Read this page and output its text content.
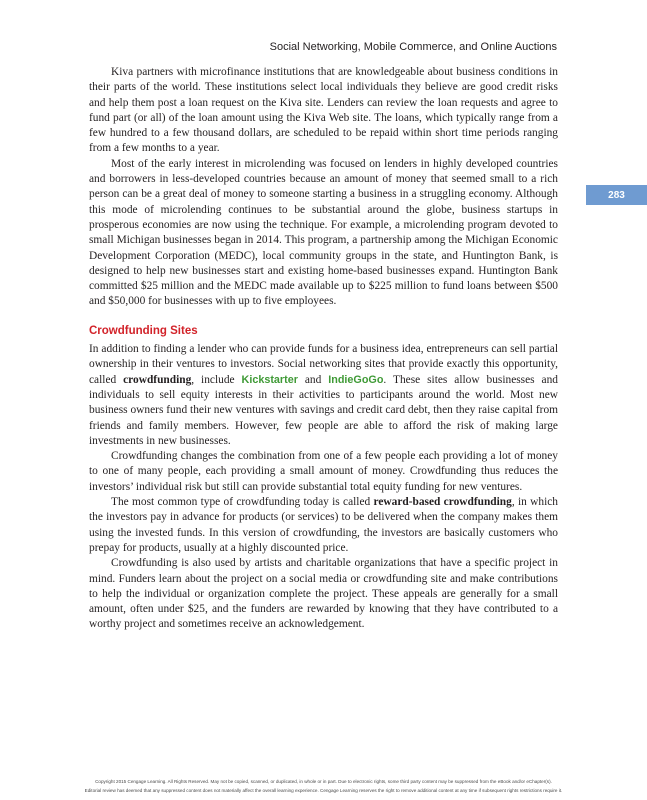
Social Networking, Mobile Commerce, and Online Auctions
283

Kiva partners with microfinance institutions that are knowledgeable about business conditions in their parts of the world. These institutions select local individuals they believe are good credit risks and help them post a loan request on the Kiva site. Lenders can review the loan requests and agree to fund part (or all) of the loan amount using the Kiva Web site. The loans, which typically range from a few hundred to a few thousand dollars, are scheduled to be repaid within short time periods ranging from a few months to a year.

Most of the early interest in microlending was focused on lenders in highly developed countries and borrowers in less-developed countries because an amount of money that seemed small to a rich person can be a great deal of money to someone starting a business in a struggling economy. Although this mode of microlending continues to be substantial around the globe, business startups in prosperous economies are now using the technique. For example, a microlending program devoted to small Michigan businesses began in 2014. This program, a partnership among the Michigan Economic Development Corporation (MEDC), local community groups in the state, and Huntington Bank, is designed to help new businesses start and existing home-based businesses expand. Huntington Bank committed $25 million and the MEDC made available up to $225 million to fund loans between $500 and $50,000 for businesses with up to five employees.

Crowdfunding Sites

In addition to finding a lender who can provide funds for a business idea, entrepreneurs can sell partial ownership in their ventures to investors. Social networking sites that provide exactly this opportunity, called crowdfunding, include Kickstarter and IndieGoGo. These sites allow businesses and individuals to sell equity interests in their activities to participants around the world. Most new business owners fund their new ventures with savings and credit card debt, then they raise capital from friends and family members. However, few people are able to afford the risk of making large investments in new businesses.

Crowdfunding changes the combination from one of a few people each providing a lot of money to one of many people, each providing a small amount of money. Crowdfunding thus reduces the investors’ individual risk but still can provide substantial total equity funding for new ventures.

The most common type of crowdfunding today is called reward-based crowdfunding, in which the investors pay in advance for products (or services) to be delivered when the company makes them using the invested funds. In this version of crowdfunding, the investors are basically customers who prepay for products, usually at a highly discounted price.

Crowdfunding is also used by artists and charitable organizations that have a specific project in mind. Funders learn about the project on a social media or crowdfunding site and make contributions to help the individual or organization complete the project. These appeals are generally for a small amount, often under $25, and the funders are rewarded by knowing that they have contributed to a worthy project and sometimes receive an acknowledgement.

Copyright 2015 Cengage Learning. All Rights Reserved. May not be copied, scanned, or duplicated, in whole or in part. Due to electronic rights, some third party content may be suppressed from the eBook and/or eChapter(s).
Editorial review has deemed that any suppressed content does not materially affect the overall learning experience. Cengage Learning reserves the right to remove additional content at any time if subsequent rights restrictions require it.
